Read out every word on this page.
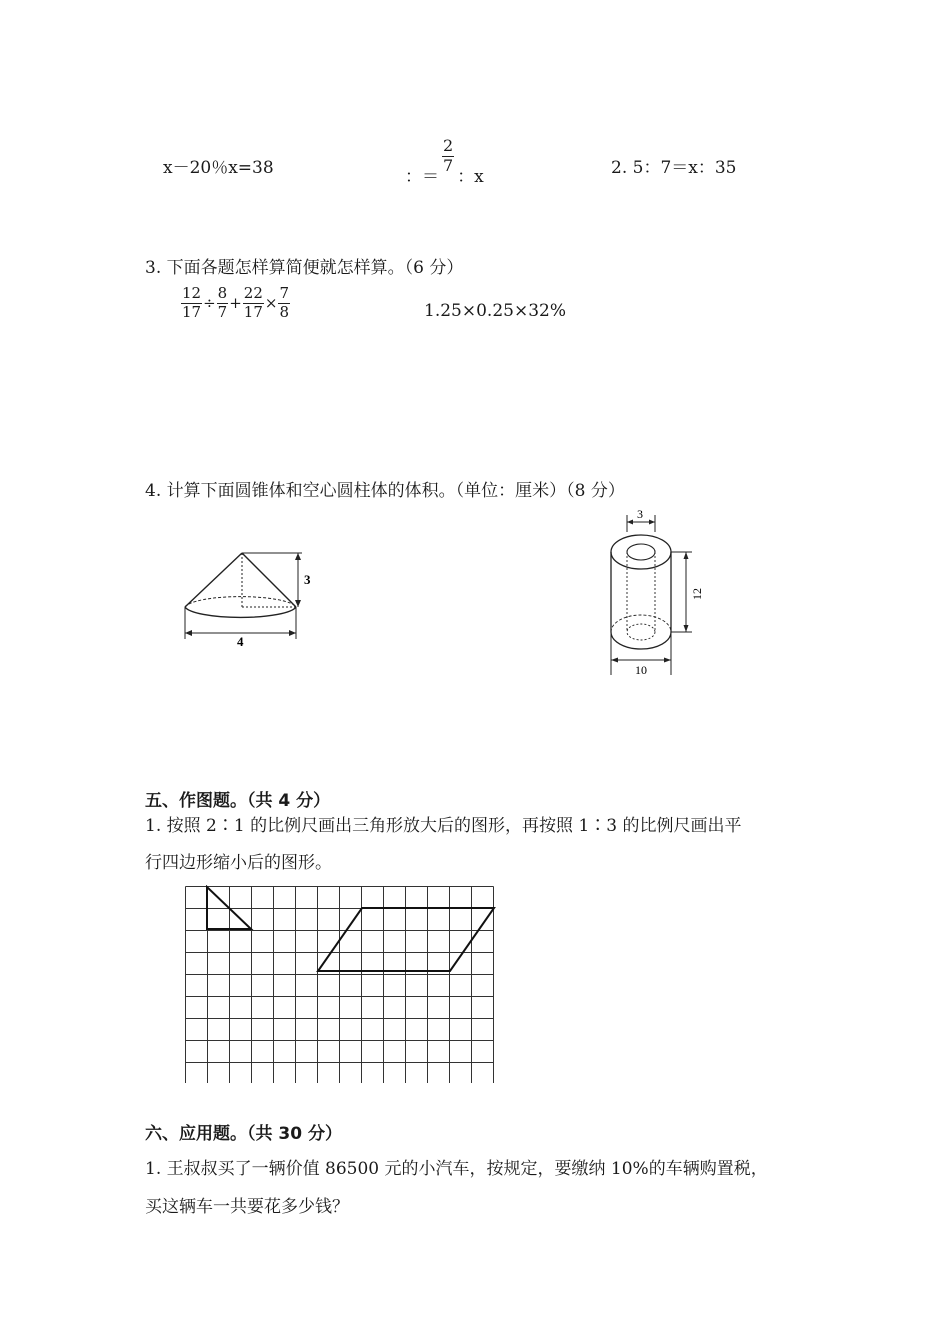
x－20％x=38	：＝
$\frac{2}{7}$
：x	2. 5：7＝x：35
3. 下面各题怎样算简便就怎样算。（6 分）
$\frac{12}{17} \div \frac{8}{7} + \frac{22}{17} \times \frac{7}{8}$	1.25×0.25×32%
4. 计算下面圆锥体和空心圆柱体的体积。（单位：厘米）（8 分）
3
4
3
12
10
五、作图题。（共 4 分）
1. 按照 2∶1 的比例尺画出三角形放大后的图形，再按照 1∶3 的比例尺画出平
行四边形缩小后的图形。
六、应用题。（共 30 分）
1. 王叔叔买了一辆价值 86500 元的小汽车，按规定，要缴纳 10%的车辆购置税，
买这辆车一共要花多少钱？
